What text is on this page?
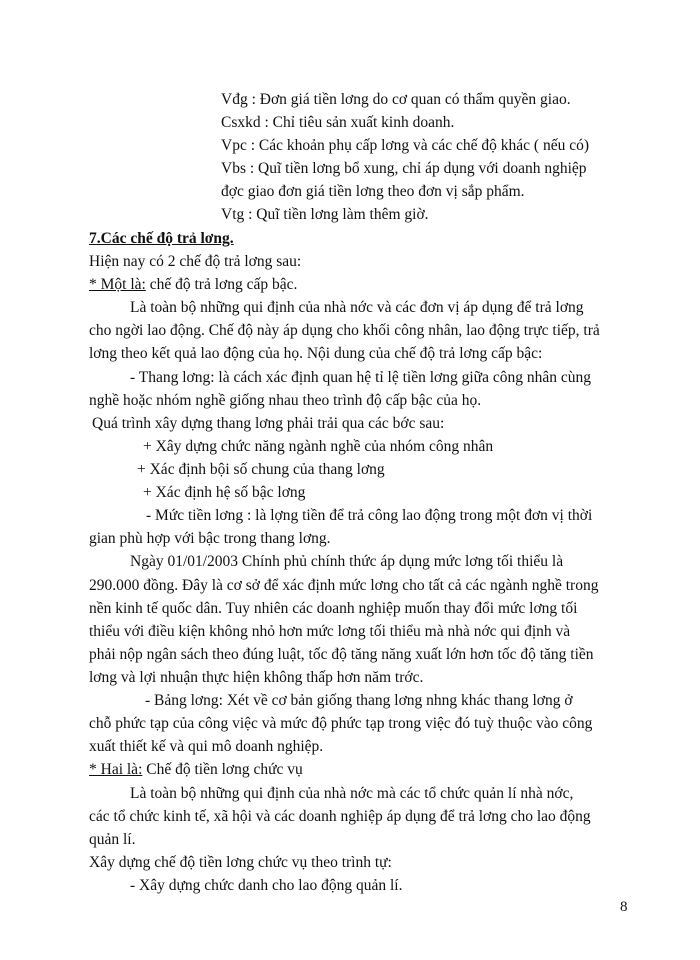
Vđg : Đơn giá tiền lơng do cơ quan có thẩm quyền giao.
Csxkd : Chỉ tiêu sản xuất kinh doanh.
Vpc : Các khoản phụ cấp lơng và các chế độ khác ( nếu có)
Vbs : Quĩ tiền lơng bổ xung, chỉ áp dụng với doanh nghiệp
đợc giao đơn giá tiền lơng theo đơn vị sắp phẩm.
Vtg : Quĩ tiền lơng làm thêm giờ.
7.Các chế độ trả lơng.
Hiện nay có 2 chế độ trả lơng sau:
* Một là: chế độ trả lơng cấp bậc.
Là toàn bộ những qui định của nhà nớc và các đơn vị áp dụng để trả lơng
cho ngời lao động. Chế độ này áp dụng cho khối công nhân, lao động trực tiếp, trả
lơng theo kết quả lao động của họ. Nội dung của chế độ trả lơng cấp bậc:
- Thang lơng: là cách xác định quan hệ tỉ lệ tiền lơng giữa công nhân cùng
nghề hoặc nhóm nghề giống nhau theo trình độ cấp bậc của họ.
Quá trình xây dựng thang lơng phải trải qua các bớc sau:
+ Xây dựng chức năng ngành nghề của nhóm công nhân
+ Xác định bội số chung của thang lơng
+ Xác định hệ số bậc lơng
- Mức tiền lơng : là lợng tiền để trả công lao động trong một đơn vị thời
gian phù hợp với bậc trong thang lơng.
Ngày 01/01/2003 Chính phủ chính thức áp dụng mức lơng tối thiểu là
290.000 đồng. Đây là cơ sở để xác định mức lơng cho tất cả các ngành nghề trong
nền kinh tế quốc dân. Tuy nhiên các doanh nghiệp muốn thay đổi mức lơng tối
thiểu với điều kiện không nhỏ hơn mức lơng tối thiểu mà nhà nớc qui định và
phải nộp ngân sách theo đúng luật, tốc độ tăng năng xuất lớn hơn tốc độ tăng tiền
lơng và lợi nhuận thực hiện không thấp hơn năm trớc.
- Bảng lơng: Xét về cơ bản giống thang lơng nhng khác thang lơng ở
chỗ phức tạp của công việc và mức độ phức tạp trong việc đó tuỳ thuộc vào công
xuất thiết kế và qui mô doanh nghiệp.
* Hai là: Chế độ tiền lơng chức vụ
Là toàn bộ những qui định của nhà nớc mà các tổ chức quản lí nhà nớc,
các tổ chức kinh tế, xã hội và các doanh nghiệp áp dụng để trả lơng cho lao động
quản lí.
Xây dựng chế độ tiền lơng chức vụ theo trình tự:
- Xây dựng chức danh cho lao động quản lí.
8
